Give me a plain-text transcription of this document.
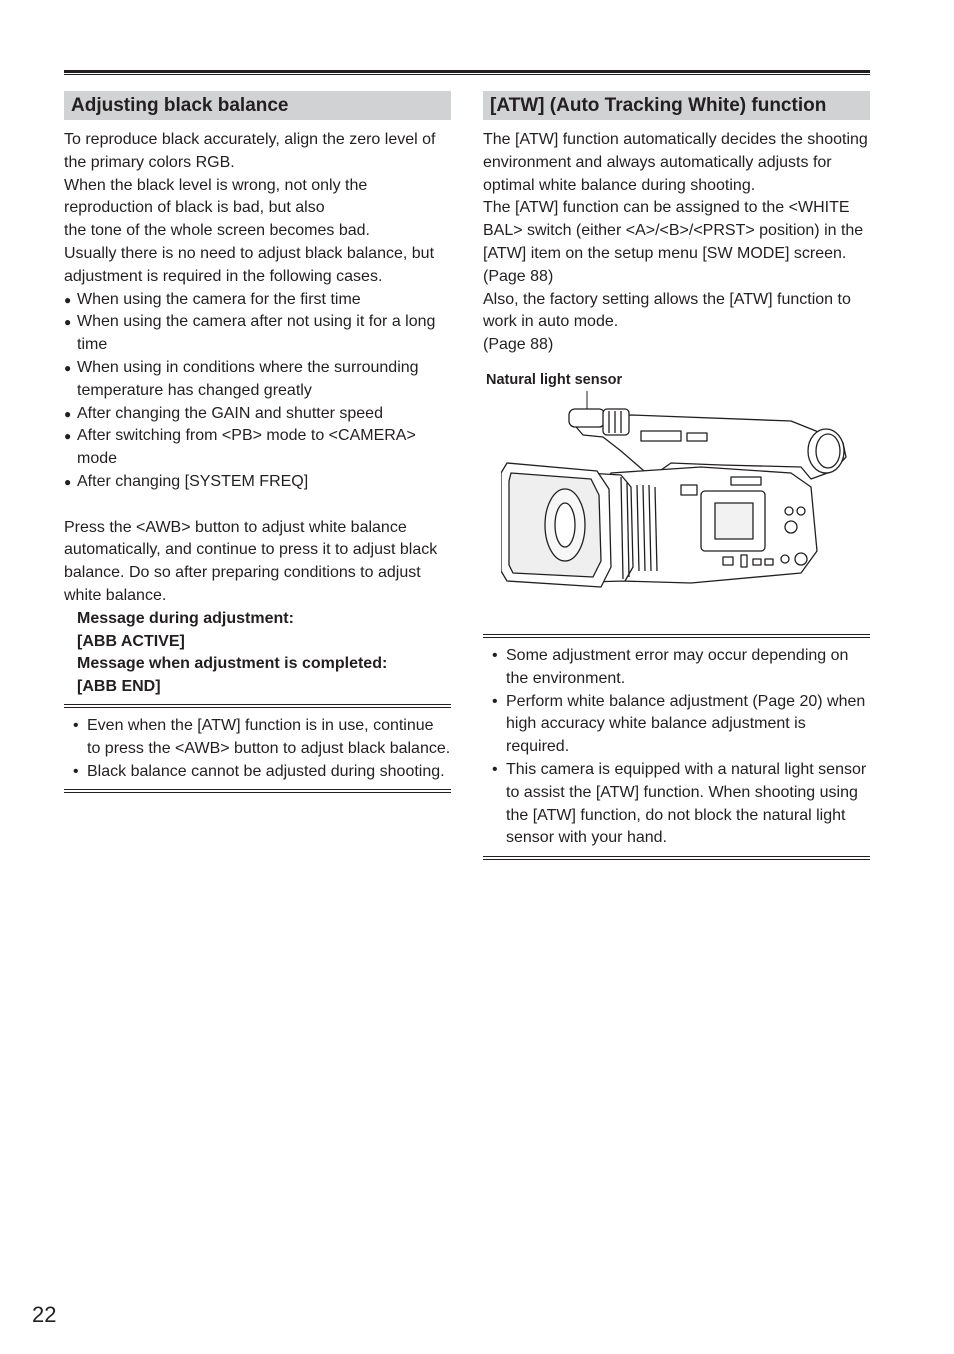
Adjusting black balance

To reproduce black accurately, align the zero level of the primary colors RGB.

When the black level is wrong, not only the reproduction of black is bad, but also

the tone of the whole screen becomes bad.

Usually there is no need to adjust black balance, but adjustment is required in the following cases.

● When using the camera for the first time
● When using the camera after not using it for a long time
● When using in conditions where the surrounding temperature has changed greatly
● After changing the GAIN and shutter speed
● After switching from <PB> mode to <CAMERA> mode
● After changing [SYSTEM FREQ]

Press the <AWB> button to adjust white balance automatically, and continue to press it to adjust black balance. Do so after preparing conditions to adjust white balance.

Message during adjustment:
[ABB ACTIVE]
Message when adjustment is completed:
[ABB END]
• Even when the [ATW] function is in use, continue to press the <AWB> button to adjust black balance.
• Black balance cannot be adjusted during shooting.
[ATW] (Auto Tracking White) function

The [ATW] function automatically decides the shooting environment and always automatically adjusts for optimal white balance during shooting.

The [ATW] function can be assigned to the <WHITE BAL> switch (either <A>/<B>/<PRST> position) in the [ATW] item on the setup menu [SW MODE] screen. (Page 88)

Also, the factory setting allows the [ATW] function to work in auto mode.

(Page 88)

Natural light sensor
• Some adjustment error may occur depending on the environment.
• Perform white balance adjustment (Page 20) when high accuracy white balance adjustment is required.
• This camera is equipped with a natural light sensor to assist the [ATW] function. When shooting using the [ATW] function, do not block the natural light sensor with your hand.
22
